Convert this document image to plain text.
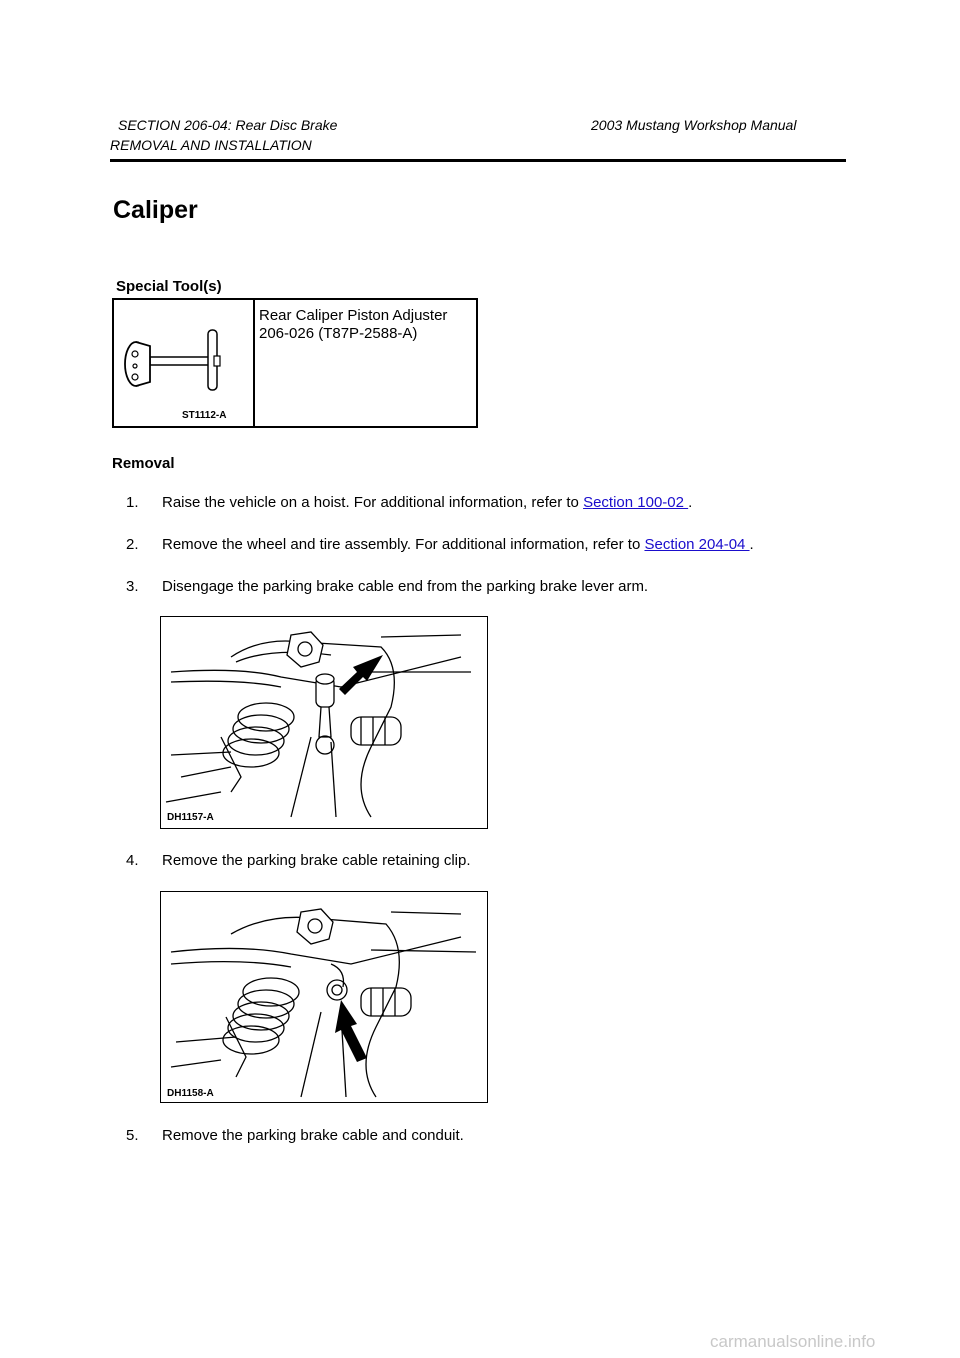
SECTION 206-04: Rear Disc Brake	2003 Mustang Workshop Manual
REMOVAL AND INSTALLATION
Caliper
Special Tool(s)
ST1112-A
Rear Caliper Piston Adjuster
206-026 (T87P-2588-A)
Removal
1. Raise the vehicle on a hoist. For additional information, refer to Section 100-02 .
2. Remove the wheel and tire assembly. For additional information, refer to Section 204-04 .
3. Disengage the parking brake cable end from the parking brake lever arm.
DH1157-A
4. Remove the parking brake cable retaining clip.
DH1158-A
5. Remove the parking brake cable and conduit.
carmanualsonline.info
